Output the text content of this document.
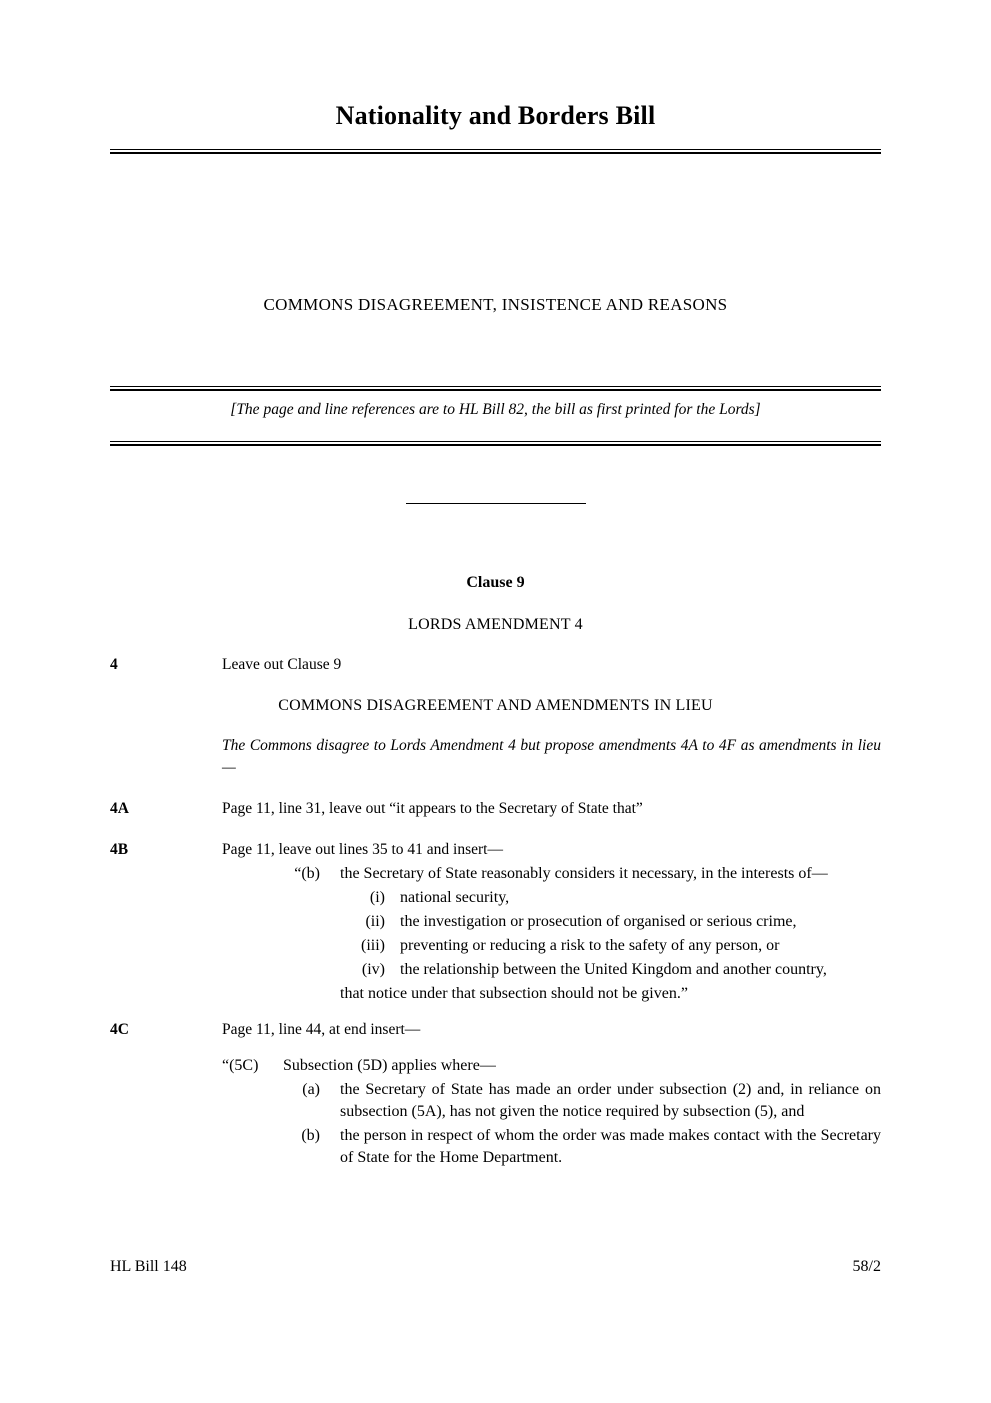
Nationality and Borders Bill
COMMONS DISAGREEMENT, INSISTENCE AND REASONS
[The page and line references are to HL Bill 82, the bill as first printed for the Lords]
Clause 9
LORDS AMENDMENT 4
4	Leave out Clause 9
COMMONS DISAGREEMENT AND AMENDMENTS IN LIEU
The Commons disagree to Lords Amendment 4 but propose amendments 4A to 4F as amendments in lieu—
4A	Page 11, line 31, leave out “it appears to the Secretary of State that”
4B	Page 11, leave out lines 35 to 41 and insert—
“(b) the Secretary of State reasonably considers it necessary, in the interests of—
(i) national security,
(ii) the investigation or prosecution of organised or serious crime,
(iii) preventing or reducing a risk to the safety of any person, or
(iv) the relationship between the United Kingdom and another country,
that notice under that subsection should not be given.”
4C	Page 11, line 44, at end insert—
“(5C) Subsection (5D) applies where—
(a) the Secretary of State has made an order under subsection (2) and, in reliance on subsection (5A), has not given the notice required by subsection (5), and
(b) the person in respect of whom the order was made makes contact with the Secretary of State for the Home Department.
HL Bill 148	58/2
